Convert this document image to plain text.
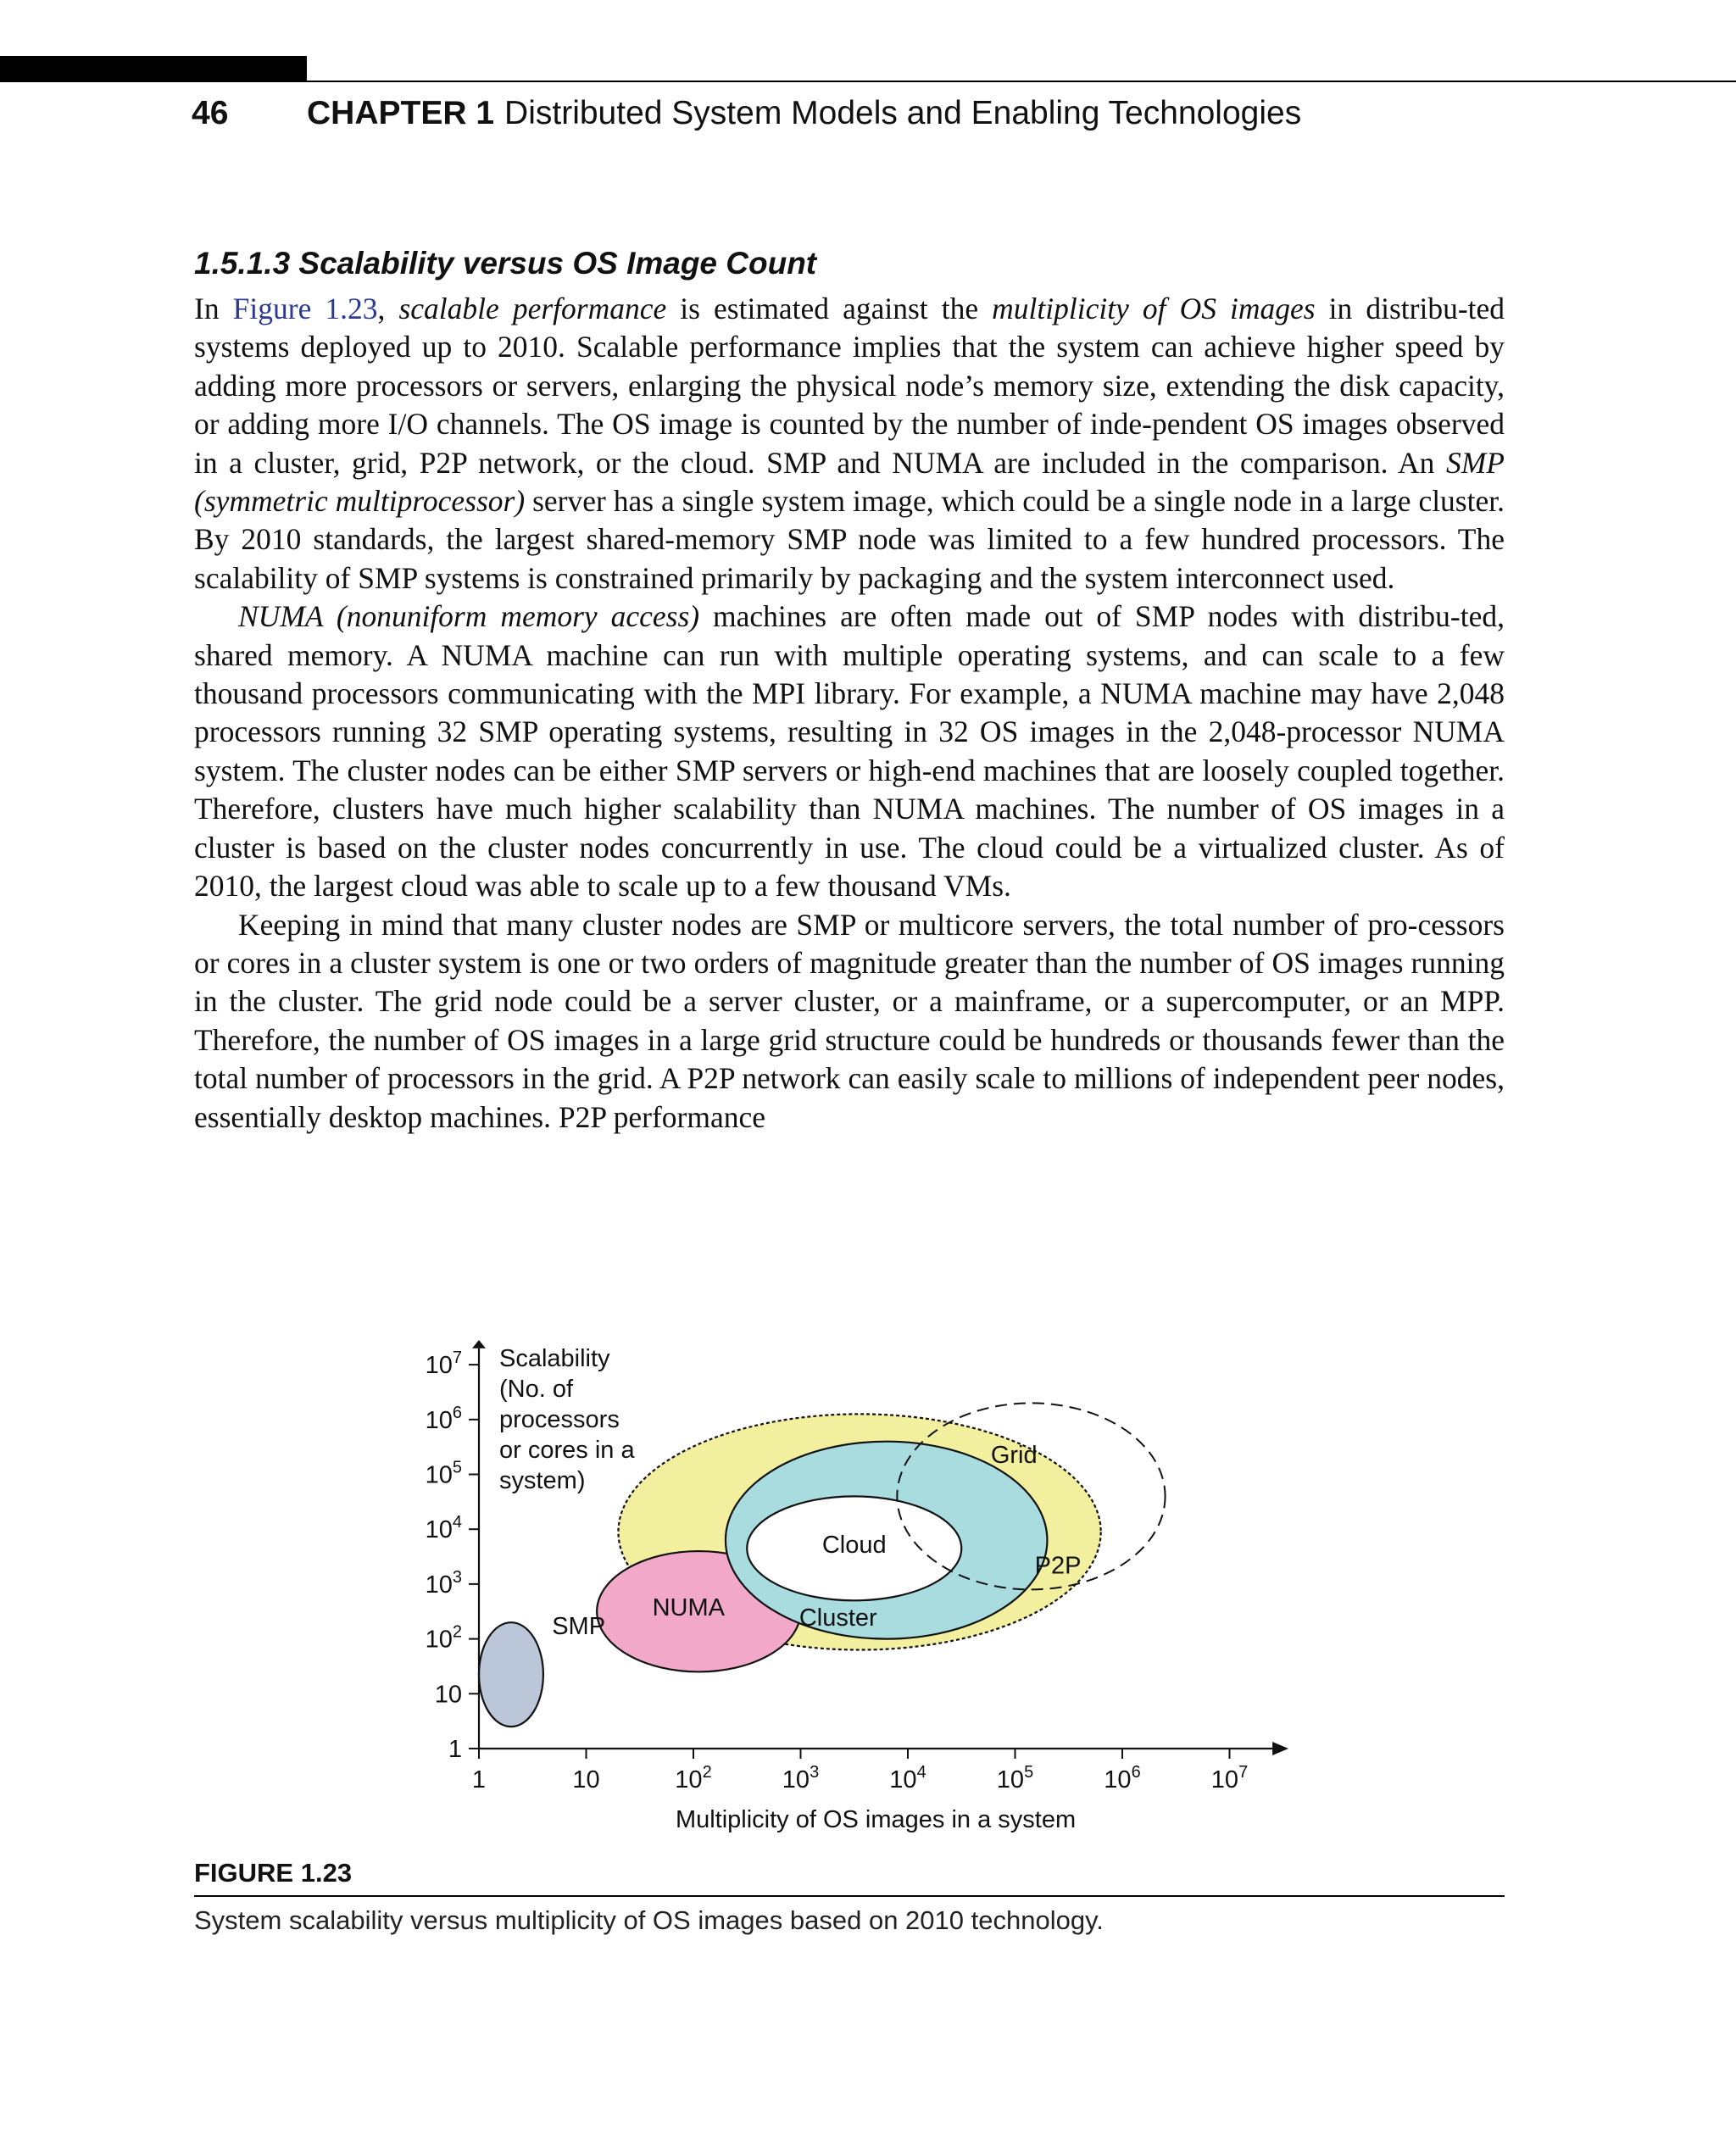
46 CHAPTER 1 Distributed System Models and Enabling Technologies
1.5.1.3 Scalability versus OS Image Count

In Figure 1.23, scalable performance is estimated against the multiplicity of OS images in distribu-ted systems deployed up to 2010. Scalable performance implies that the system can achieve higher speed by adding more processors or servers, enlarging the physical node’s memory size, extending the disk capacity, or adding more I/O channels. The OS image is counted by the number of inde-pendent OS images observed in a cluster, grid, P2P network, or the cloud. SMP and NUMA are included in the comparison. An SMP (symmetric multiprocessor) server has a single system image, which could be a single node in a large cluster. By 2010 standards, the largest shared-memory SMP node was limited to a few hundred processors. The scalability of SMP systems is constrained primarily by packaging and the system interconnect used.

NUMA (nonuniform memory access) machines are often made out of SMP nodes with distribu-ted, shared memory. A NUMA machine can run with multiple operating systems, and can scale to a few thousand processors communicating with the MPI library. For example, a NUMA machine may have 2,048 processors running 32 SMP operating systems, resulting in 32 OS images in the 2,048-processor NUMA system. The cluster nodes can be either SMP servers or high-end machines that are loosely coupled together. Therefore, clusters have much higher scalability than NUMA machines. The number of OS images in a cluster is based on the cluster nodes concurrently in use. The cloud could be a virtualized cluster. As of 2010, the largest cloud was able to scale up to a few thousand VMs.

Keeping in mind that many cluster nodes are SMP or multicore servers, the total number of pro-cessors or cores in a cluster system is one or two orders of magnitude greater than the number of OS images running in the cluster. The grid node could be a server cluster, or a mainframe, or a supercomputer, or an MPP. Therefore, the number of OS images in a large grid structure could be hundreds or thousands fewer than the total number of processors in the grid. A P2P network can easily scale to millions of independent peer nodes, essentially desktop machines. P2P performance

1	10	$10^2$	$10^3$	$10^4$	$10^5$	$10^6$	$10^7$
1
10
$10^2$
$10^3$
$10^4$
$10^5$
$10^6$
$10^7$
Multiplicity of OS images in a system
Scalability (No. of processors or cores in a system)
Grid
NUMA	Cluster
Cloud
P2P
SMP
FIGURE 1.23
System scalability versus multiplicity of OS images based on 2010 technology.
